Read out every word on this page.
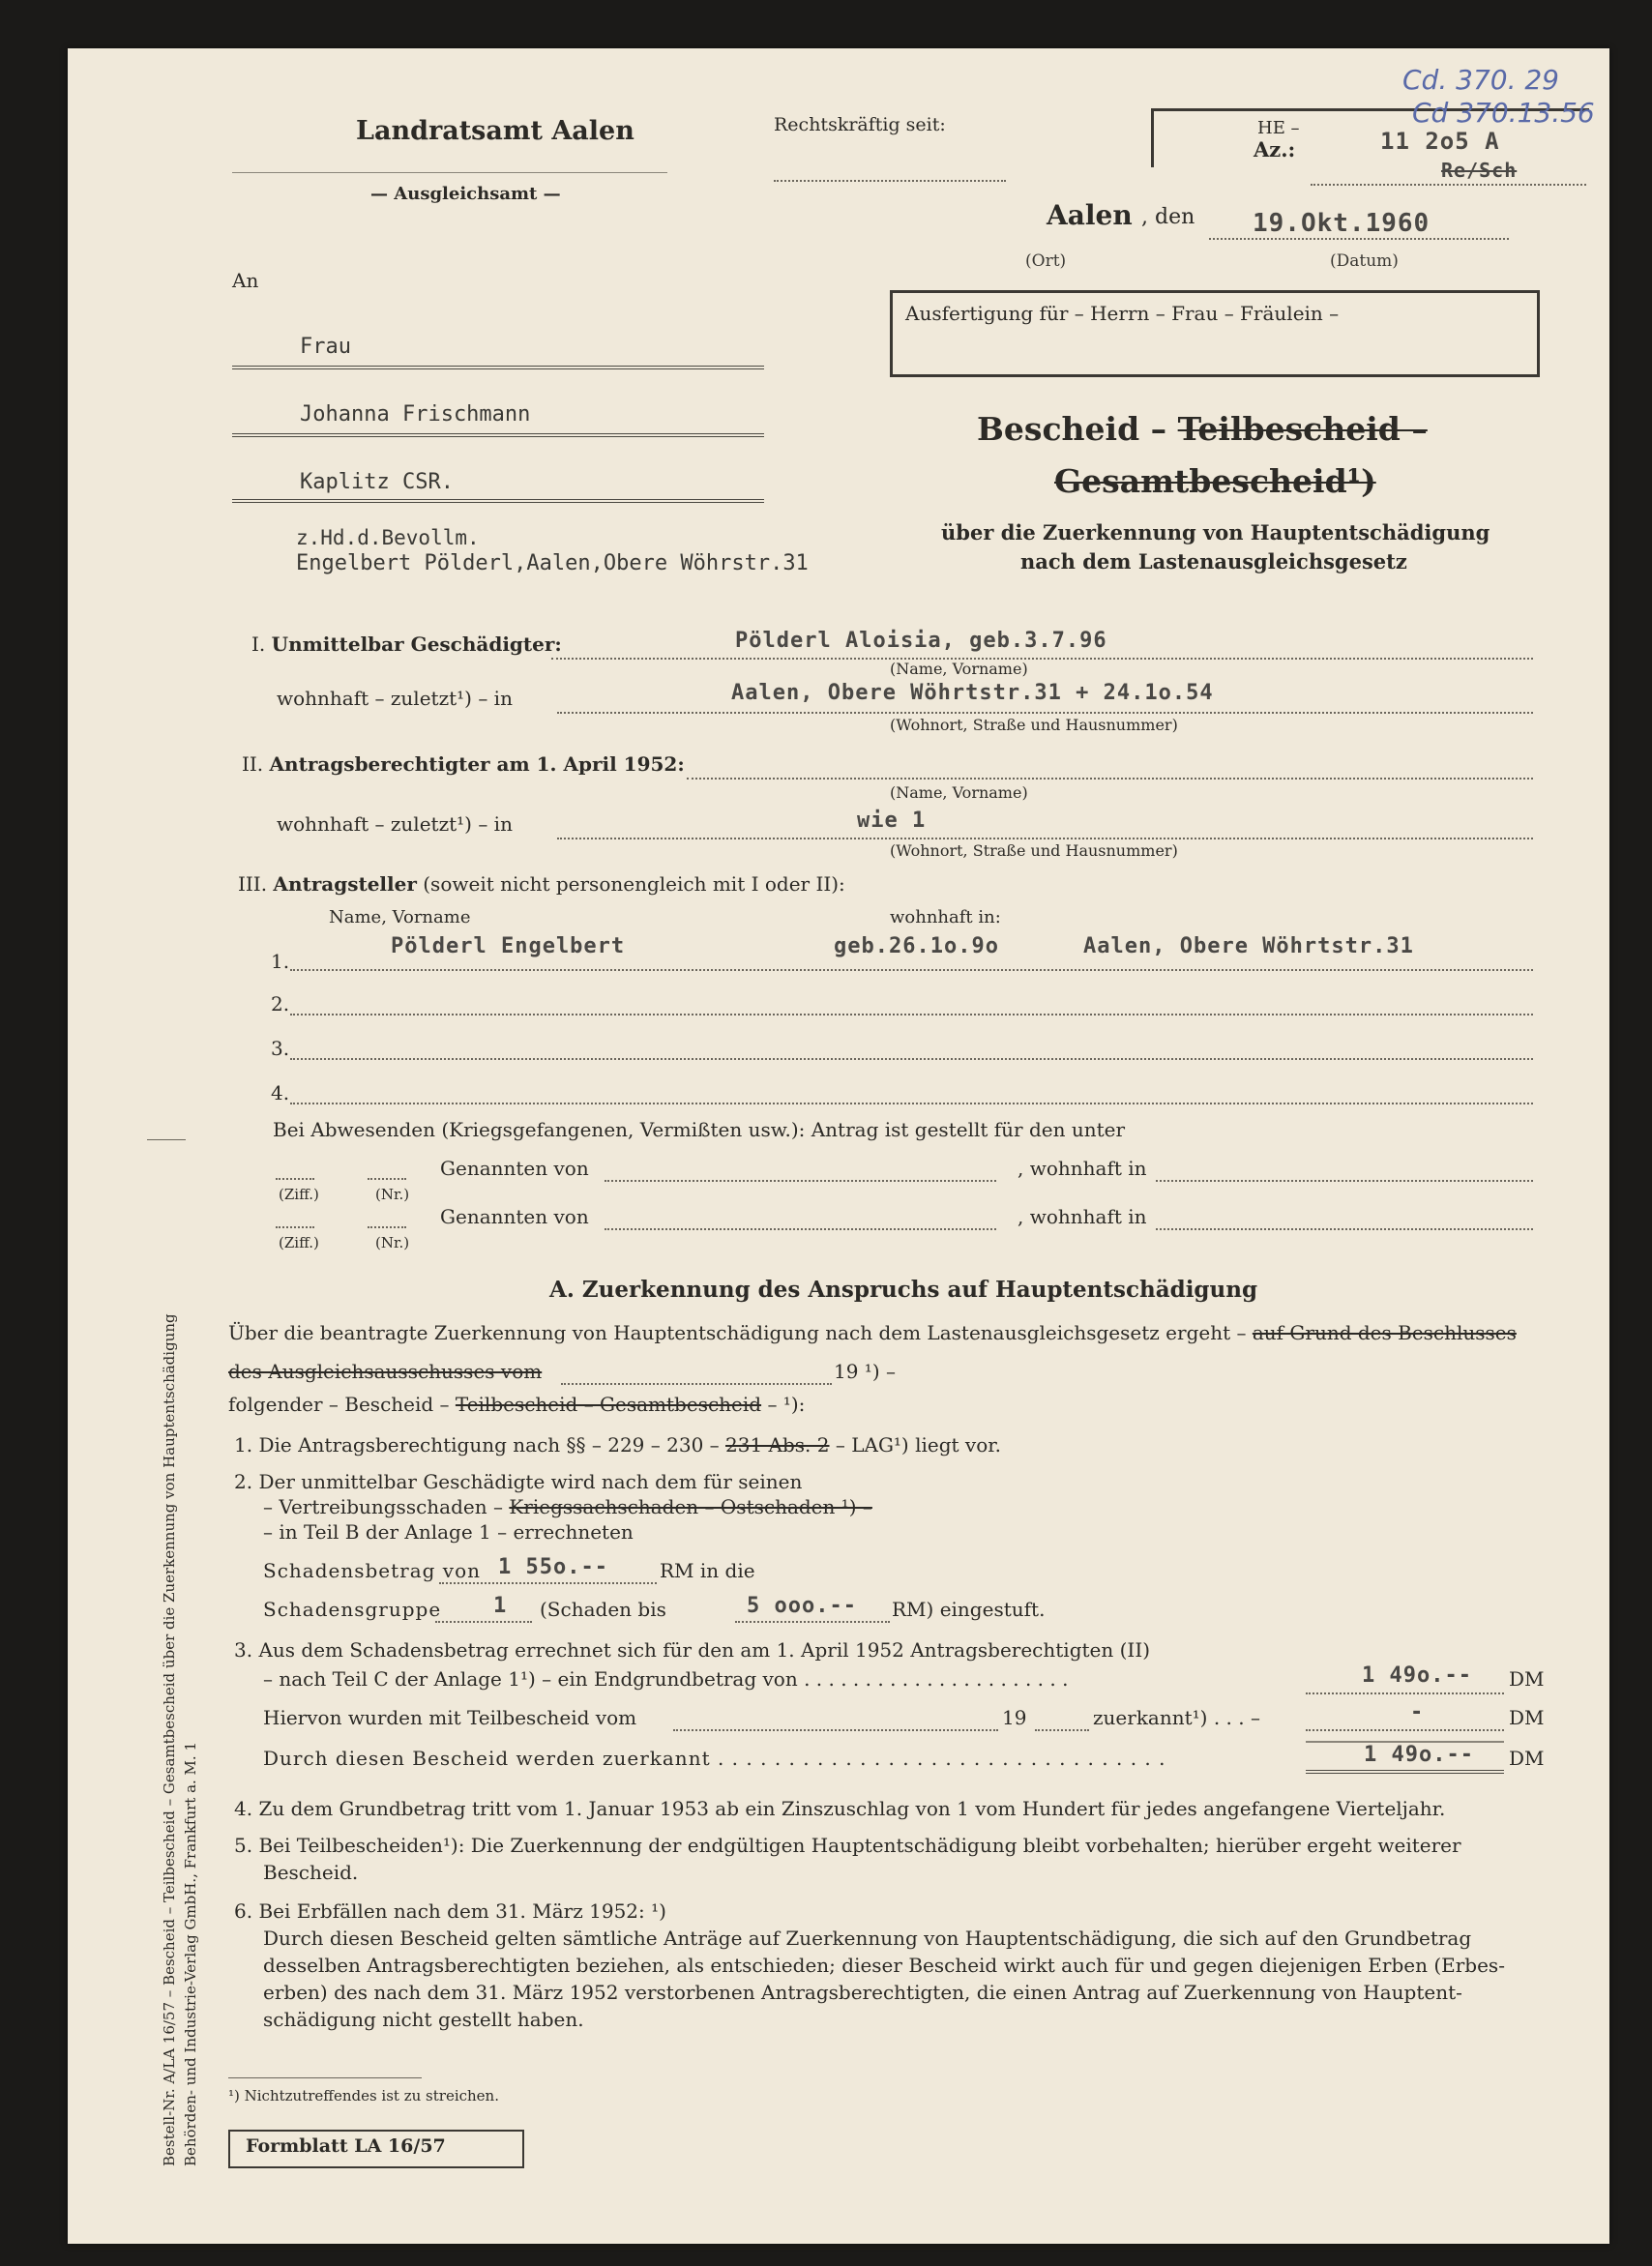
Landratsamt Aalen
— Ausgleichsamt —
An
Rechtskräftig seit:
Az.:
HE –	11 2o5 A
Re/Sch
Cd. 370. 29
Cd 370.13.56
Aalen , den 19.Okt.1960
(Ort)	(Datum)
Ausfertigung für – Herrn – Frau – Fräulein –
Frau
Johanna Frischmann
Kaplitz CSR.
z.Hd.d.Bevollm.
Engelbert Pölderl,Aalen,Obere Wöhrstr.31
Bescheid – Teilbescheid –
Gesamtbescheid¹)
über die Zuerkennung von Hauptentschädigung
nach dem Lastenausgleichsgesetz
I. Unmittelbar Geschädigter:	Pölderl Aloisia, geb.3.7.96
(Name, Vorname)
wohnhaft – zuletzt¹) – in	Aalen, Obere Wöhrtstr.31 + 24.1o.54
(Wohnort, Straße und Hausnummer)
II. Antragsberechtigter am 1. April 1952:
(Name, Vorname)
wohnhaft – zuletzt¹) – in	wie 1
(Wohnort, Straße und Hausnummer)
III. Antragsteller (soweit nicht personengleich mit I oder II):
Name, Vorname	wohnhaft in:
1.
Pölderl Engelbert	geb.26.1o.9o	Aalen, Obere Wöhrtstr.31
2.
3.
4.
Bei Abwesenden (Kriegsgefangenen, Vermißten usw.): Antrag ist gestellt für den unter
Genannten von	, wohnhaft in
(Ziff.)	(Nr.)
Genannten von	, wohnhaft in
(Ziff.)	(Nr.)
A. Zuerkennung des Anspruchs auf Hauptentschädigung
Über die beantragte Zuerkennung von Hauptentschädigung nach dem Lastenausgleichsgesetz ergeht – auf Grund des Beschlusses
des Ausgleichsausschusses vom	19 ¹) –
folgender – Bescheid – Teilbescheid – Gesamtbescheid – ¹):
1. Die Antragsberechtigung nach §§ – 229 – 230 – 231 Abs. 2 – LAG¹) liegt vor.
2. Der unmittelbar Geschädigte wird nach dem für seinen
– Vertreibungsschaden – Kriegssachschaden – Ostschaden ¹) –
– in Teil B der Anlage 1 – errechneten
Schadensbetrag von 1 55o.--	RM in die
Schadensgruppe 1 (Schaden bis	5 ooo.-- RM) eingestuft.
3. Aus dem Schadensbetrag errechnet sich für den am 1. April 1952 Antragsberechtigten (II)
– nach Teil C der Anlage 1¹) – ein Endgrundbetrag von . . . . . . . . . . . . . . . . . . . . . .	1 49o.-- DM
Hiervon wurden mit Teilbescheid vom	19	zuerkannt¹) . . . –	-	DM
Durch diesen Bescheid werden zuerkannt . . . . . . . . . . . . . . . . . . . . . . . . . . . . . . . .	1 49o.-- DM
4. Zu dem Grundbetrag tritt vom 1. Januar 1953 ab ein Zinszuschlag von 1 vom Hundert für jedes angefangene Vierteljahr.
5. Bei Teilbescheiden¹): Die Zuerkennung der endgültigen Hauptentschädigung bleibt vorbehalten; hierüber ergeht weiterer
Bescheid.
6. Bei Erbfällen nach dem 31. März 1952: ¹)
Durch diesen Bescheid gelten sämtliche Anträge auf Zuerkennung von Hauptentschädigung, die sich auf den Grundbetrag
desselben Antragsberechtigten beziehen, als entschieden; dieser Bescheid wirkt auch für und gegen diejenigen Erben (Erbes-
erben) des nach dem 31. März 1952 verstorbenen Antragsberechtigten, die einen Antrag auf Zuerkennung von Hauptent-
schädigung nicht gestellt haben.
¹) Nichtzutreffendes ist zu streichen.
Formblatt LA 16/57
Bestell-Nr. A/LA 16/57 – Bescheid – Teilbescheid – Gesamtbescheid über die Zuerkennung von Hauptentschädigung Behörden- und Industrie-Verlag GmbH., Frankfurt a. M. 1
